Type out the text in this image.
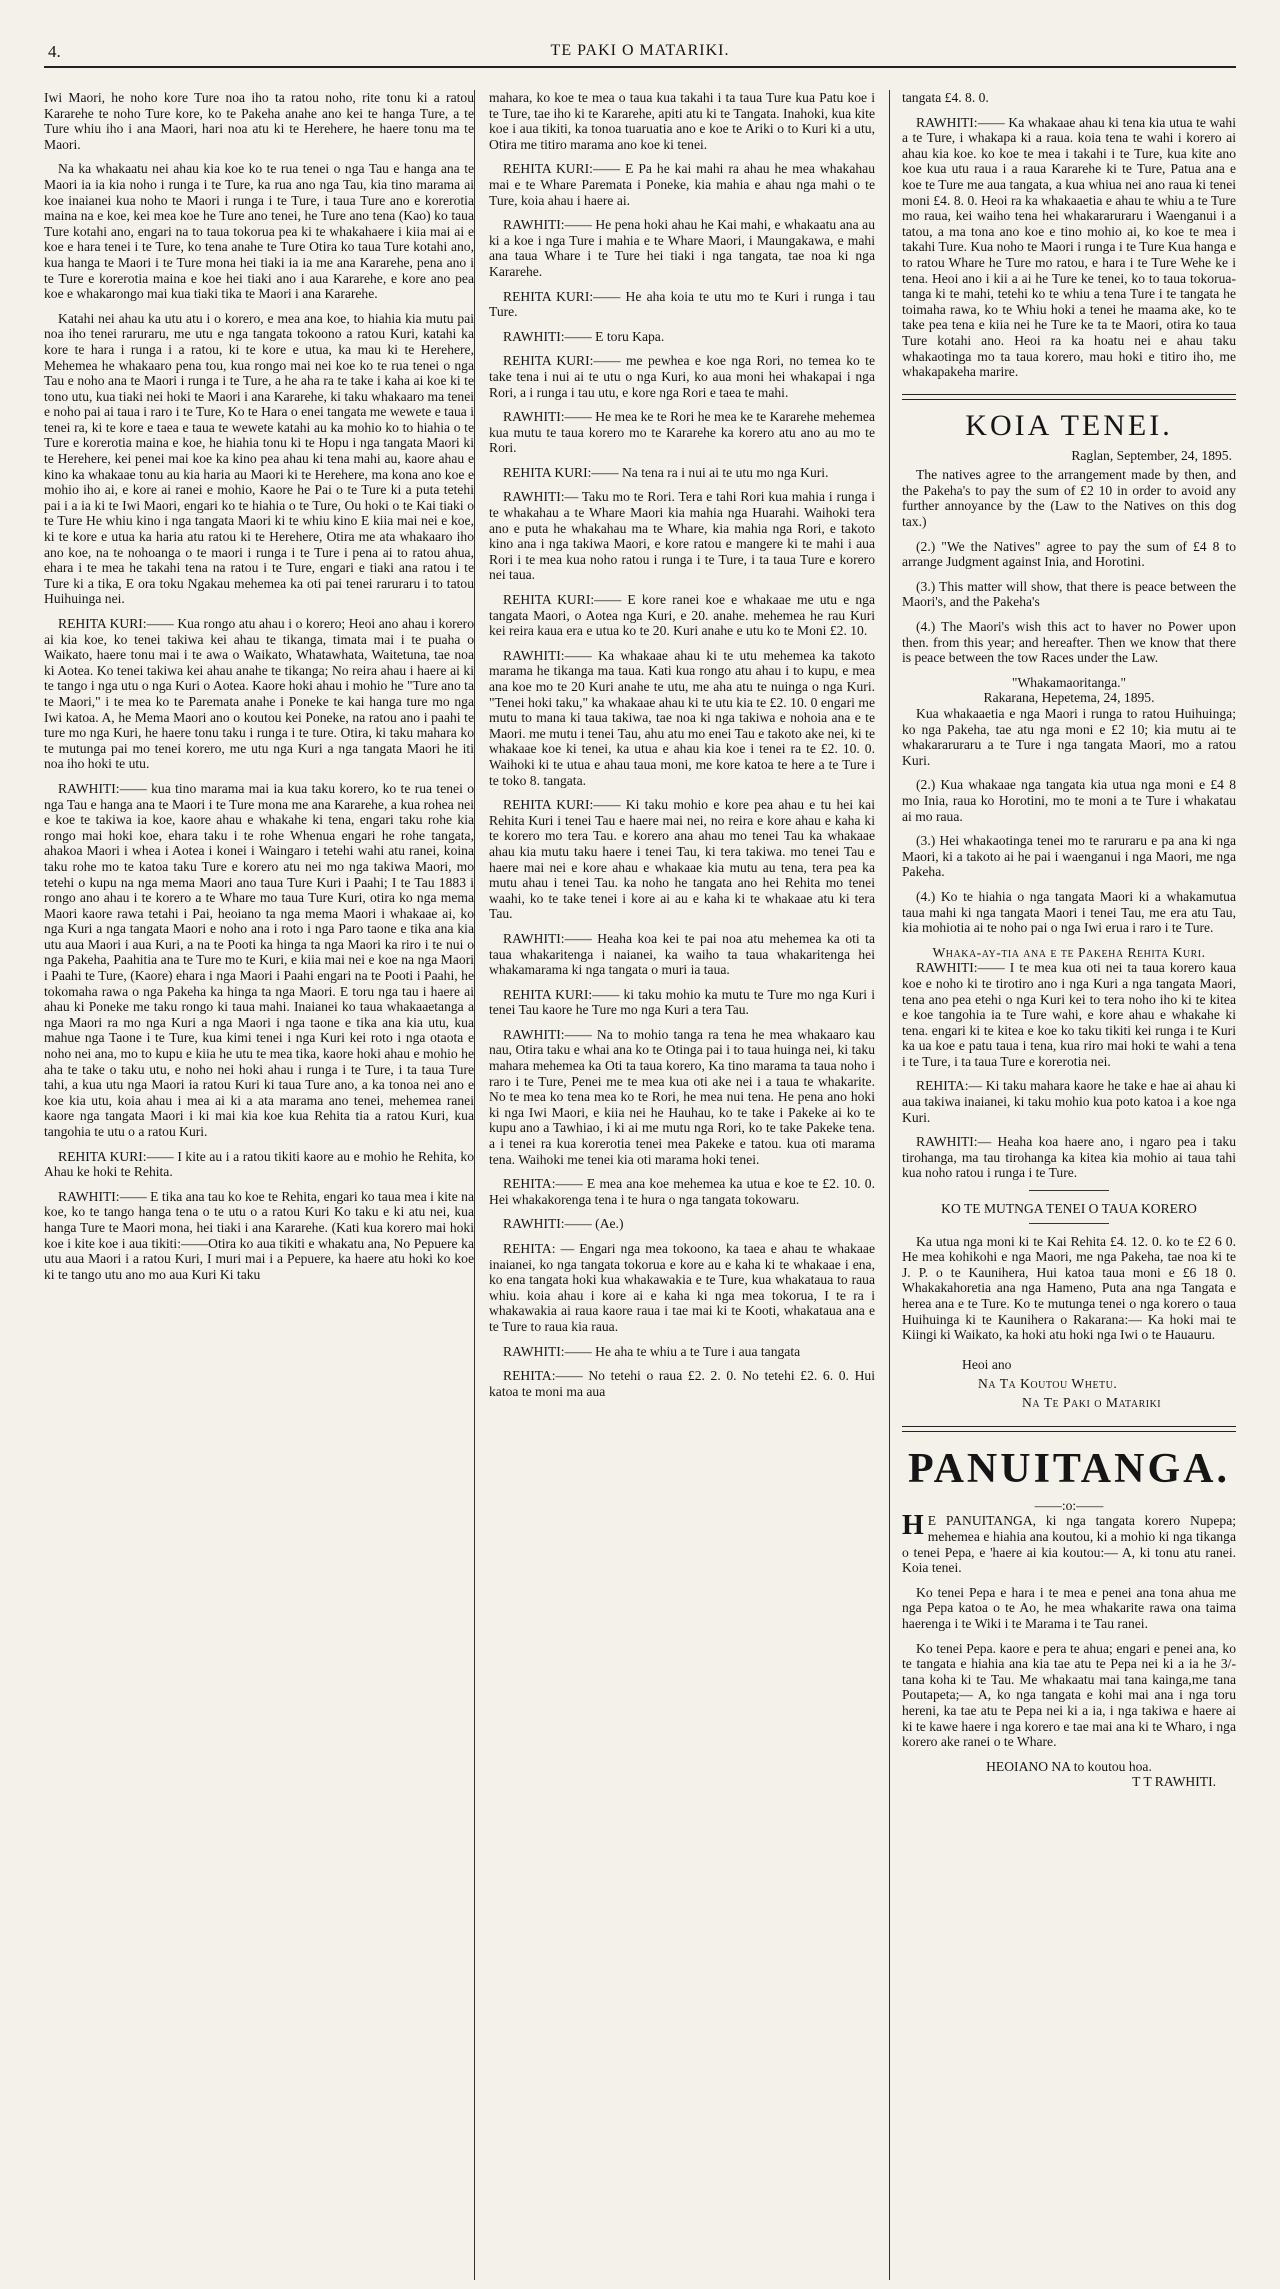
4.	TE PAKI O MATARIKI.

Iwi Maori, he noho kore Ture noa iho ta ratou noho, rite tonu ki a ratou Kararehe te noho Ture kore, ko te Pakeha anahe ano kei te hanga Ture, a te Ture whiu iho i ana Maori, hari noa atu ki te Herehere, he haere tonu ma te Maori.

Na ka whakaatu nei ahau kia koe ko te rua tenei o nga Tau e hanga ana te Maori ia ia kia noho i runga i te Ture, ka rua ano nga Tau, kia tino marama ai koe inaianei kua noho te Maori i runga i te Ture, i taua Ture ano e korerotia maina na e koe, kei mea koe he Ture ano tenei, he Ture ano tena (Kao) ko taua Ture kotahi ano, engari na to taua tokorua pea ki te whakahaere i kiia mai ai e koe e hara tenei i te Ture, ko tena anahe te Ture Otira ko taua Ture kotahi ano, kua hanga te Maori i te Ture mona hei tiaki ia ia me ana Kararehe, pena ano i te Ture e korerotia maina e koe hei tiaki ano i aua Kararehe, e kore ano pea koe e whakarongo mai kua tiaki tika te Maori i ana Kararehe.

Katahi nei ahau ka utu atu i o korero, e mea ana koe, to hiahia kia mutu pai noa iho tenei raruraru, me utu e nga tangata tokoono a ratou Kuri, katahi ka kore te hara i runga i a ratou, ki te kore e utua, ka mau ki te Herehere, Mehemea he whakaaro pena tou, kua rongo mai nei koe ko te rua tenei o nga Tau e noho ana te Maori i runga i te Ture, a he aha ra te take i kaha ai koe ki te tono utu, kua tiaki nei hoki te Maori i ana Kararehe, ki taku whakaaro ma tenei e noho pai ai taua i raro i te Ture, Ko te Hara o enei tangata me wewete e taua i tenei ra, ki te kore e taea e taua te wewete katahi au ka mohio ko to hiahia o te Ture e korerotia maina e koe, he hiahia tonu ki te Hopu i nga tangata Maori ki te Herehere, kei penei mai koe ka kino pea ahau ki tena mahi au, kaore ahau e kino ka whakaae tonu au kia haria au Maori ki te Herehere, ma kona ano koe e mohio iho ai, e kore ai ranei e mohio, Kaore he Pai o te Ture ki a puta tetehi pai i a ia ki te Iwi Maori, engari ko te hiahia o te Ture, Ou hoki o te Kai tiaki o te Ture He whiu kino i nga tangata Maori ki te whiu kino E kiia mai nei e koe, ki te kore e utua ka haria atu ratou ki te Herehere, Otira me ata whakaaro iho ano koe, na te nohoanga o te maori i runga i te Ture i pena ai to ratou ahua, ehara i te mea he takahi tena na ratou i te Ture, engari e tiaki ana ratou i te Ture ki a tika, E ora toku Ngakau mehemea ka oti pai tenei raruraru i to tatou Huihuinga nei.

REHITA KURI:—— Kua rongo atu ahau i o korero; Heoi ano ahau i korero ai kia koe, ko tenei takiwa kei ahau te tikanga, timata mai i te puaha o Waikato, haere tonu mai i te awa o Waikato, Whatawhata, Waitetuna, tae noa ki Aotea. Ko tenei takiwa kei ahau anahe te tikanga; No reira ahau i haere ai ki te tango i nga utu o nga Kuri o Aotea. Kaore hoki ahau i mohio he "Ture ano ta te Maori," i te mea ko te Paremata anahe i Poneke te kai hanga ture mo nga Iwi katoa. A, he Mema Maori ano o koutou kei Poneke, na ratou ano i paahi te ture mo nga Kuri, he haere tonu taku i runga i te ture. Otira, ki taku mahara ko te mutunga pai mo tenei korero, me utu nga Kuri a nga tangata Maori he iti noa iho hoki te utu.

RAWHITI:—— kua tino marama mai ia kua taku korero, ko te rua tenei o nga Tau e hanga ana te Maori i te Ture mona me ana Kararehe, a kua rohea nei e koe te takiwa ia koe, kaore ahau e whakahe ki tena, engari taku rohe kia rongo mai hoki koe, ehara taku i te rohe Whenua engari he rohe tangata, ahakoa Maori i whea i Aotea i konei i Waingaro i tetehi wahi atu ranei, koina taku rohe mo te katoa taku Ture e korero atu nei mo nga takiwa Maori, mo tetehi o kupu na nga mema Maori ano taua Ture Kuri i Paahi; I te Tau 1883 i rongo ano ahau i te korero a te Whare mo taua Ture Kuri, otira ko nga mema Maori kaore rawa tetahi i Pai, heoiano ta nga mema Maori i whakaae ai, ko nga Kuri a nga tangata Maori e noho ana i roto i nga Paro taone e tika ana kia utu aua Maori i aua Kuri, a na te Pooti ka hinga ta nga Maori ka riro i te nui o nga Pakeha, Paahitia ana te Ture mo te Kuri, e kiia mai nei e koe na nga Maori i Paahi te Ture, (Kaore) ehara i nga Maori i Paahi engari na te Pooti i Paahi, he tokomaha rawa o nga Pakeha ka hinga ta nga Maori. E toru nga tau i haere ai ahau ki Poneke me taku rongo ki taua mahi. Inaianei ko taua whakaaetanga a nga Maori ra mo nga Kuri a nga Maori i nga taone e tika ana kia utu, kua mahue nga Taone i te Ture, kua kimi tenei i nga Kuri kei roto i nga otaota e noho nei ana, mo to kupu e kiia he utu te mea tika, kaore hoki ahau e mohio he aha te take o taku utu, e noho nei hoki ahau i runga i te Ture, i ta taua Ture tahi, a kua utu nga Maori ia ratou Kuri ki taua Ture ano, a ka tonoa nei ano e koe kia utu, koia ahau i mea ai ki a ata marama ano tenei, mehemea ranei kaore nga tangata Maori i ki mai kia koe kua Rehita tia a ratou Kuri, kua tangohia te utu o a ratou Kuri.

REHITA KURI:—— I kite au i a ratou tikiti kaore au e mohio he Rehita, ko Ahau ke hoki te Rehita.

RAWHITI:—— E tika ana tau ko koe te Rehita, engari ko taua mea i kite na koe, ko te tango hanga tena o te utu o a ratou Kuri Ko taku e ki atu nei, kua hanga Ture te Maori mona, hei tiaki i ana Kararehe. (Kati kua korero mai hoki koe i kite koe i aua tikiti:——Otira ko aua tikiti e whakatu ana, No Pepuere ka utu aua Maori i a ratou Kuri, I muri mai i a Pepuere, ka haere atu hoki ko koe ki te tango utu ano mo aua Kuri Ki taku

mahara, ko koe te mea o taua kua takahi i ta taua Ture kua Patu koe i te Ture, tae iho ki te Kararehe, apiti atu ki te Tangata. Inahoki, kua kite koe i aua tikiti, ka tonoa tuaruatia ano e koe te Ariki o to Kuri ki a utu, Otira me titiro marama ano koe ki tenei.

REHITA KURI:—— E Pa he kai mahi ra ahau he mea whakahau mai e te Whare Paremata i Poneke, kia mahia e ahau nga mahi o te Ture, koia ahau i haere ai.

RAWHITI:—— He pena hoki ahau he Kai mahi, e whakaatu ana au ki a koe i nga Ture i mahia e te Whare Maori, i Maungakawa, e mahi ana taua Whare i te Ture hei tiaki i nga tangata, tae noa ki nga Kararehe.

REHITA KURI:—— He aha koia te utu mo te Kuri i runga i tau Ture.

RAWHITI:—— E toru Kapa.

REHITA KURI:—— me pewhea e koe nga Rori, no temea ko te take tena i nui ai te utu o nga Kuri, ko aua moni hei whakapai i nga Rori, a i runga i tau utu, e kore nga Rori e taea te mahi.

RAWHITI:—— He mea ke te Rori he mea ke te Kararehe mehemea kua mutu te taua korero mo te Kararehe ka korero atu ano au mo te Rori.

REHITA KURI:—— Na tena ra i nui ai te utu mo nga Kuri.

RAWHITI:— Taku mo te Rori. Tera e tahi Rori kua mahia i runga i te whakahau a te Whare Maori kia mahia nga Huarahi. Waihoki tera ano e puta he whakahau ma te Whare, kia mahia nga Rori, e takoto kino ana i nga takiwa Maori, e kore ratou e mangere ki te mahi i aua Rori i te mea kua noho ratou i runga i te Ture, i ta taua Ture e korero nei taua.

REHITA KURI:—— E kore ranei koe e whakaae me utu e nga tangata Maori, o Aotea nga Kuri, e 20. anahe. mehemea he rau Kuri kei reira kaua era e utua ko te 20. Kuri anahe e utu ko te Moni £2. 10.

RAWHITI:—— Ka whakaae ahau ki te utu mehemea ka takoto marama he tikanga ma taua. Kati kua rongo atu ahau i to kupu, e mea ana koe mo te 20 Kuri anahe te utu, me aha atu te nuinga o nga Kuri. "Tenei hoki taku," ka whakaae ahau ki te utu kia te £2. 10. 0 engari me mutu to mana ki taua takiwa, tae noa ki nga takiwa e nohoia ana e te Maori. me mutu i tenei Tau, ahu atu mo enei Tau e takoto ake nei, ki te whakaae koe ki tenei, ka utua e ahau kia koe i tenei ra te £2. 10. 0. Waihoki ki te utua e ahau taua moni, me kore katoa te here a te Ture i te toko 8. tangata.

REHITA KURI:—— Ki taku mohio e kore pea ahau e tu hei kai Rehita Kuri i tenei Tau e haere mai nei, no reira e kore ahau e kaha ki te korero mo tera Tau. e korero ana ahau mo tenei Tau ka whakaae ahau kia mutu taku haere i tenei Tau, ki tera takiwa. mo tenei Tau e haere mai nei e kore ahau e whakaae kia mutu au tena, tera pea ka mutu ahau i tenei Tau. ka noho he tangata ano hei Rehita mo tenei waahi, ko te take tenei i kore ai au e kaha ki te whakaae atu ki tera Tau.

RAWHITI:—— Heaha koa kei te pai noa atu mehemea ka oti ta taua whakaritenga i naianei, ka waiho ta taua whakaritenga hei whakamarama ki nga tangata o muri ia taua.

REHITA KURI:—— ki taku mohio ka mutu te Ture mo nga Kuri i tenei Tau kaore he Ture mo nga Kuri a tera Tau.

RAWHITI:—— Na to mohio tanga ra tena he mea whakaaro kau nau, Otira taku e whai ana ko te Otinga pai i to taua huinga nei, ki taku mahara mehemea ka Oti ta taua korero, Ka tino marama ta taua noho i raro i te Ture, Penei me te mea kua oti ake nei i a taua te whakarite. No te mea ko tena mea ko te Rori, he mea nui tena. He pena ano hoki ki nga Iwi Maori, e kiia nei he Hauhau, ko te take i Pakeke ai ko te kupu ano a Tawhiao, i ki ai me mutu nga Rori, ko te take Pakeke tena. a i tenei ra kua korerotia tenei mea Pakeke e tatou. kua oti marama tena. Waihoki me tenei kia oti marama hoki tenei.

REHITA:—— E mea ana koe mehemea ka utua e koe te £2. 10. 0. Hei whakakorenga tena i te hura o nga tangata tokowaru.

RAWHITI:—— (Ae.)

REHITA: — Engari nga mea tokoono, ka taea e ahau te whakaae inaianei, ko nga tangata tokorua e kore au e kaha ki te whakaae i ena, ko ena tangata hoki kua whakawakia e te Ture, kua whakataua to raua whiu. koia ahau i kore ai e kaha ki nga mea tokorua, I te ra i whakawakia ai raua kaore raua i tae mai ki te Kooti, whakataua ana e te Ture to raua kia raua.

RAWHITI:—— He aha te whiu a te Ture i aua tangata

REHITA:—— No tetehi o raua £2. 2. 0. No tetehi £2. 6. 0. Hui katoa te moni ma aua

tangata £4. 8. 0.

RAWHITI:—— Ka whakaae ahau ki tena kia utua te wahi a te Ture, i whakapa ki a raua. koia tena te wahi i korero ai ahau kia koe. ko koe te mea i takahi i te Ture, kua kite ano koe kua utu raua i a raua Kararehe ki te Ture, Patua ana e koe te Ture me aua tangata, a kua whiua nei ano raua ki tenei moni £4. 8. 0. Heoi ra ka whakaaetia e ahau te whiu a te Ture mo raua, kei waiho tena hei whakararuraru i Waenganui i a tatou, a ma tona ano koe e tino mohio ai, ko koe te mea i takahi Ture. Kua noho te Maori i runga i te Ture Kua hanga e to ratou Whare he Ture mo ratou, e hara i te Ture Wehe ke i tena. Heoi ano i kii a ai he Ture ke tenei, ko to taua tokorua-tanga ki te mahi, tetehi ko te whiu a tena Ture i te tangata he toimaha rawa, ko te Whiu hoki a tenei he maama ake, ko te take pea tena e kiia nei he Ture ke ta te Maori, otira ko taua Ture kotahi ano. Heoi ra ka hoatu nei e ahau taku whakaotinga mo ta taua korero, mau hoki e titiro iho, me whakapakeha marire.

KOIA TENEI.
Raglan, September, 24, 1895.

The natives agree to the arrangement made by then, and the Pakeha's to pay the sum of £2 10 in order to avoid any further annoyance by the (Law to the Natives on this dog tax.)

(2.) "We the Natives" agree to pay the sum of £4 8 to arrange Judgment against Inia, and Horotini.

(3.) This matter will show, that there is peace between the Maori's, and the Pakeha's

(4.) The Maori's wish this act to haver no Power upon then. from this year; and hereafter. Then we know that there is peace between the tow Races under the Law.

"Whakamaoritanga."
Rakarana, Hepetema, 24, 1895.

Kua whakaaetia e nga Maori i runga to ratou Huihuinga; ko nga Pakeha, tae atu nga moni e £2 10; kia mutu ai te whakararuraru a te Ture i nga tangata Maori, mo a ratou Kuri.

(2.) Kua whakaae nga tangata kia utua nga moni e £4 8 mo Inia, raua ko Horotini, mo te moni a te Ture i whakatau ai mo raua.

(3.) Hei whakaotinga tenei mo te raruraru e pa ana ki nga Maori, ki a takoto ai he pai i waenganui i nga Maori, me nga Pakeha.

(4.) Ko te hiahia o nga tangata Maori ki a whakamutua taua mahi ki nga tangata Maori i tenei Tau, me era atu Tau, kia mohiotia ai te noho pai o nga Iwi erua i raro i te Ture.

Whaka-ay-tia ana e te Pakeha Rehita Kuri.

RAWHITI:—— I te mea kua oti nei ta taua korero kaua koe e noho ki te tirotiro ano i nga Kuri a nga tangata Maori, tena ano pea etehi o nga Kuri kei to tera noho iho ki te kitea e koe tangohia ia te Ture wahi, e kore ahau e whakahe ki tena. engari ki te kitea e koe ko taku tikiti kei runga i te Kuri ka ua koe e patu taua i tena, kua riro mai hoki te wahi a tena i te Ture, i ta taua Ture e korerotia nei.

REHITA:— Ki taku mahara kaore he take e hae ai ahau ki aua takiwa inaianei, ki taku mohio kua poto katoa i a koe nga Kuri.

RAWHITI:— Heaha koa haere ano, i ngaro pea i taku tirohanga, ma tau tirohanga ka kitea kia mohio ai taua tahi kua noho ratou i runga i te Ture.

KO TE MUTNGA TENEI O TAUA KORERO

Ka utua nga moni ki te Kai Rehita £4. 12. 0. ko te £2 6 0. He mea kohikohi e nga Maori, me nga Pakeha, tae noa ki te J. P. o te Kaunihera, Hui katoa taua moni e £6 18 0. Whakakahoretia ana nga Hameno, Puta ana nga Tangata e herea ana e te Ture. Ko te mutunga tenei o nga korero o taua Huihuinga ki te Kaunihera o Rakarana:— Ka hoki mai te Kiingi ki Waikato, ka hoki atu hoki nga Iwi o te Hauauru.

Heoi ano
Na Ta Koutou Whetu.
Na Te Paki o Matariki
PANUITANGA.
——:o:——

H E PANUITANGA, ki nga tangata korero Nupepa; mehemea e hiahia ana koutou, ki a mohio ki nga tikanga o tenei Pepa, e 'haere ai kia koutou:— A, ki tonu atu ranei. Koia tenei.

Ko tenei Pepa e hara i te mea e penei ana tona ahua me nga Pepa katoa o te Ao, he mea whakarite rawa ona taima haerenga i te Wiki i te Marama i te Tau ranei.

Ko tenei Pepa. kaore e pera te ahua; engari e penei ana, ko te tangata e hiahia ana kia tae atu te Pepa nei ki a ia he 3/- tana koha ki te Tau. Me whakaatu mai tana kainga,me tana Poutapeta;— A, ko nga tangata e kohi mai ana i nga toru hereni, ka tae atu te Pepa nei ki a ia, i nga takiwa e haere ai ki te kawe haere i nga korero e tae mai ana ki te Wharo, i nga korero ake ranei o te Whare.

HEOIANO NA to koutou hoa.
T T RAWHITI.
